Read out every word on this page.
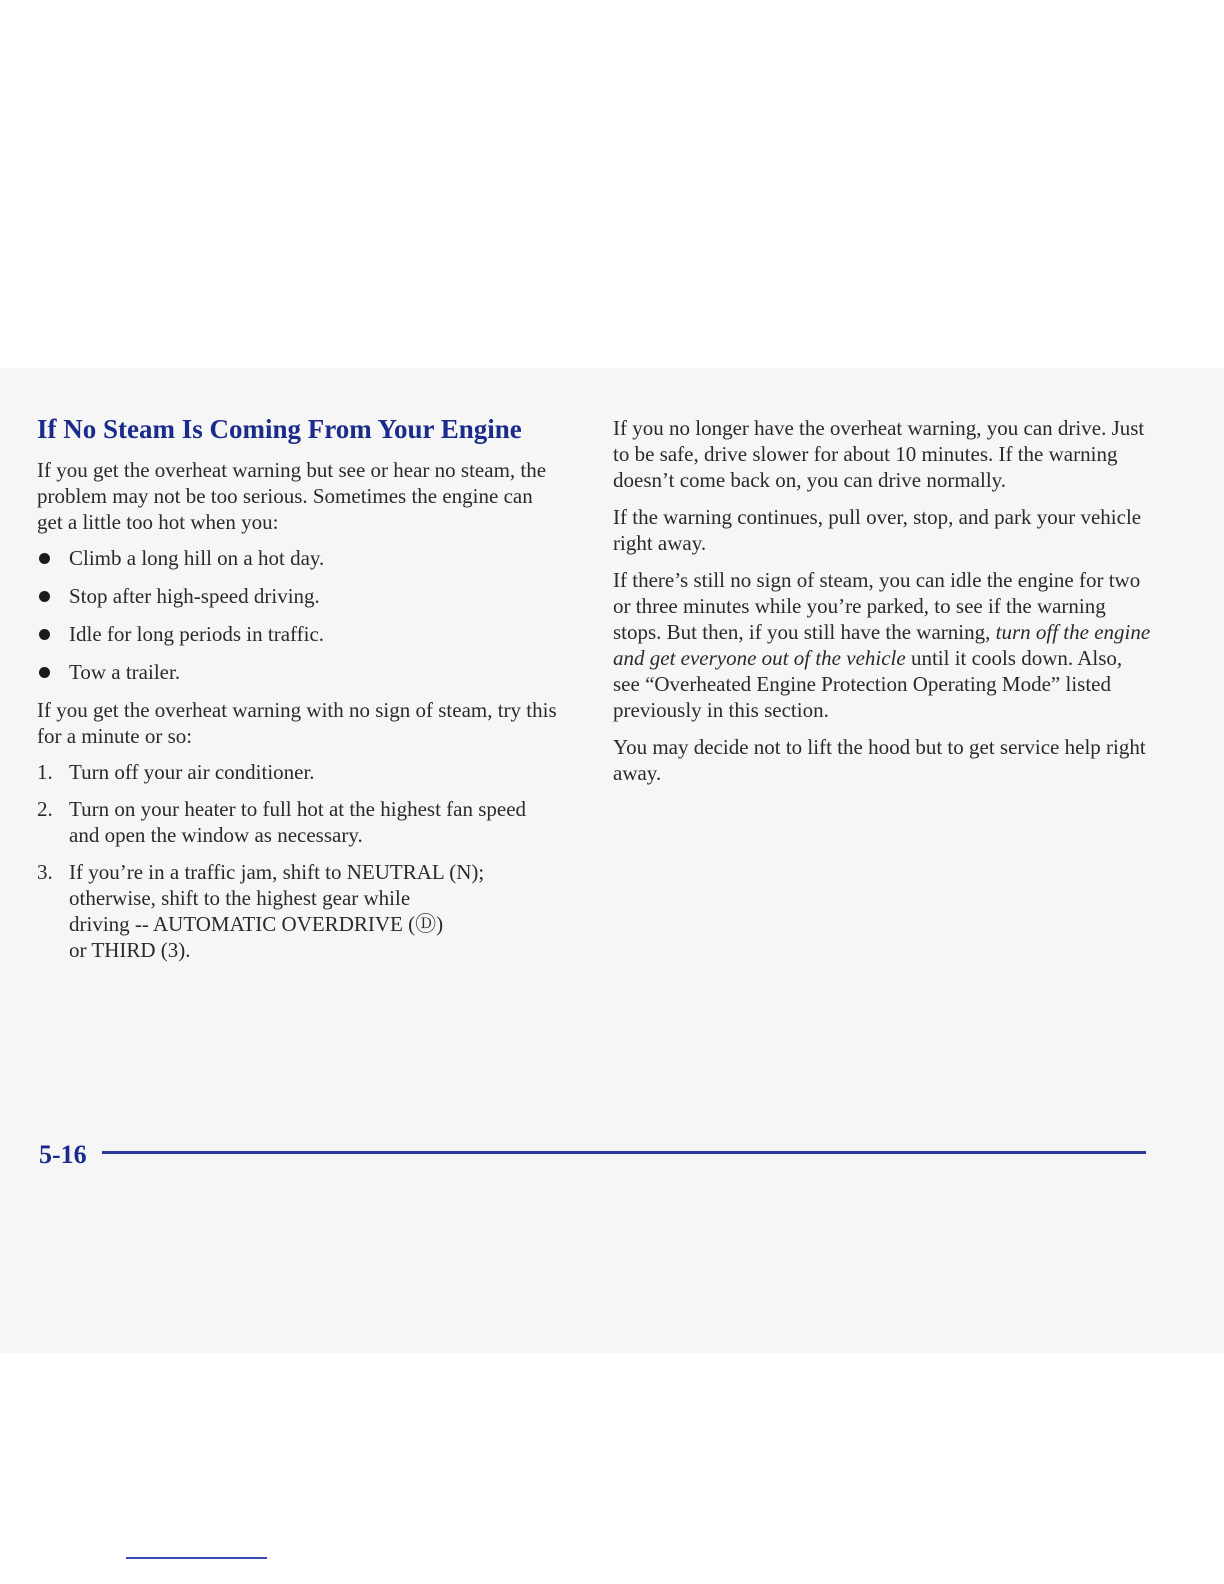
If No Steam Is Coming From Your Engine

If you get the overheat warning but see or hear no steam, the problem may not be too serious. Sometimes the engine can get a little too hot when you:

Climb a long hill on a hot day.
Stop after high-speed driving.
Idle for long periods in traffic.
Tow a trailer.

If you get the overheat warning with no sign of steam, try this for a minute or so:

1. Turn off your air conditioner.
2. Turn on your heater to full hot at the highest fan speed and open the window as necessary.
3. If you’re in a traffic jam, shift to NEUTRAL (N);
otherwise, shift to the highest gear while
driving -- AUTOMATIC OVERDRIVE (Ⓓ)
or THIRD (3).

If you no longer have the overheat warning, you can drive. Just to be safe, drive slower for about 10 minutes. If the warning doesn’t come back on, you can drive normally.

If the warning continues, pull over, stop, and park your vehicle right away.

If there’s still no sign of steam, you can idle the engine for two or three minutes while you’re parked, to see if the warning stops. But then, if you still have the warning, turn off the engine and get everyone out of the vehicle until it cools down. Also, see “Overheated Engine Protection Operating Mode” listed previously in this section.

You may decide not to lift the hood but to get service help right away.

5-16
